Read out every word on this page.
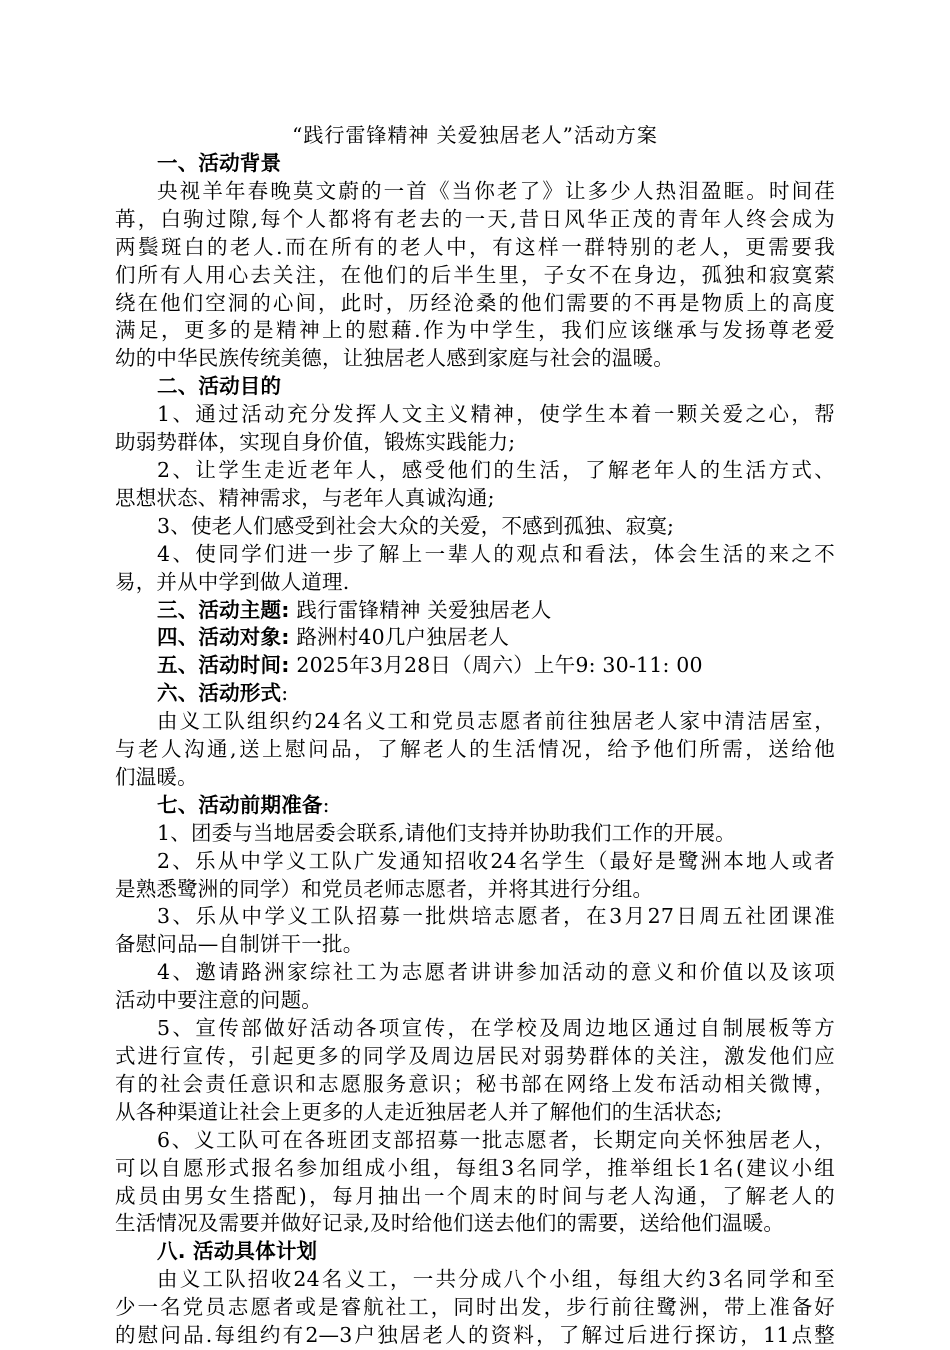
“践行雷锋精神 关爱独居老人”活动方案

一、活动背景

央视羊年春晚莫文蔚的一首《当你老了》让多少人热泪盈眶。时间荏

苒，白驹过隙,每个人都将有老去的一天,昔日风华正茂的青年人终会成为

两鬓斑白的老人.而在所有的老人中，有这样一群特别的老人，更需要我

们所有人用心去关注，在他们的后半生里，子女不在身边，孤独和寂寞萦

绕在他们空洞的心间，此时，历经沧桑的他们需要的不再是物质上的高度

满足，更多的是精神上的慰藉.作为中学生，我们应该继承与发扬尊老爱

幼的中华民族传统美德，让独居老人感到家庭与社会的温暖。

二、活动目的

1、通过活动充分发挥人文主义精神，使学生本着一颗关爱之心，帮

助弱势群体，实现自身价值，锻炼实践能力;

2、让学生走近老年人，感受他们的生活，了解老年人的生活方式、

思想状态、精神需求，与老年人真诚沟通;

3、使老人们感受到社会大众的关爱，不感到孤独、寂寞;

4、使同学们进一步了解上一辈人的观点和看法，体会生活的来之不

易，并从中学到做人道理.

三、活动主题: 践行雷锋精神 关爱独居老人

四、活动对象: 路洲村40几户独居老人

五、活动时间: 2025年3月28日（周六）上午9: 30-11: 00

六、活动形式:

由义工队组织约24名义工和党员志愿者前往独居老人家中清洁居室，

与老人沟通,送上慰问品，了解老人的生活情况，给予他们所需，送给他

们温暖。

七、活动前期准备:

1、团委与当地居委会联系,请他们支持并协助我们工作的开展。

2、乐从中学义工队广发通知招收24名学生（最好是鹭洲本地人或者

是熟悉鹭洲的同学）和党员老师志愿者，并将其进行分组。

3、乐从中学义工队招募一批烘培志愿者，在3月27日周五社团课准

备慰问品—自制饼干一批。

4、邀请路洲家综社工为志愿者讲讲参加活动的意义和价值以及该项

活动中要注意的问题。

5、宣传部做好活动各项宣传，在学校及周边地区通过自制展板等方

式进行宣传，引起更多的同学及周边居民对弱势群体的关注，激发他们应

有的社会责任意识和志愿服务意识；秘书部在网络上发布活动相关微博，

从各种渠道让社会上更多的人走近独居老人并了解他们的生活状态;

6、义工队可在各班团支部招募一批志愿者，长期定向关怀独居老人，

可以自愿形式报名参加组成小组，每组3名同学，推举组长1名(建议小组

成员由男女生搭配)，每月抽出一个周末的时间与老人沟通，了解老人的

生活情况及需要并做好记录,及时给他们送去他们的需要，送给他们温暖。

八. 活动具体计划

由义工队招收24名义工，一共分成八个小组，每组大约3名同学和至

少一名党员志愿者或是睿航社工，同时出发，步行前往鹭洲，带上准备好

的慰问品.每组约有2—3户独居老人的资料，了解过后进行探访，11点整
